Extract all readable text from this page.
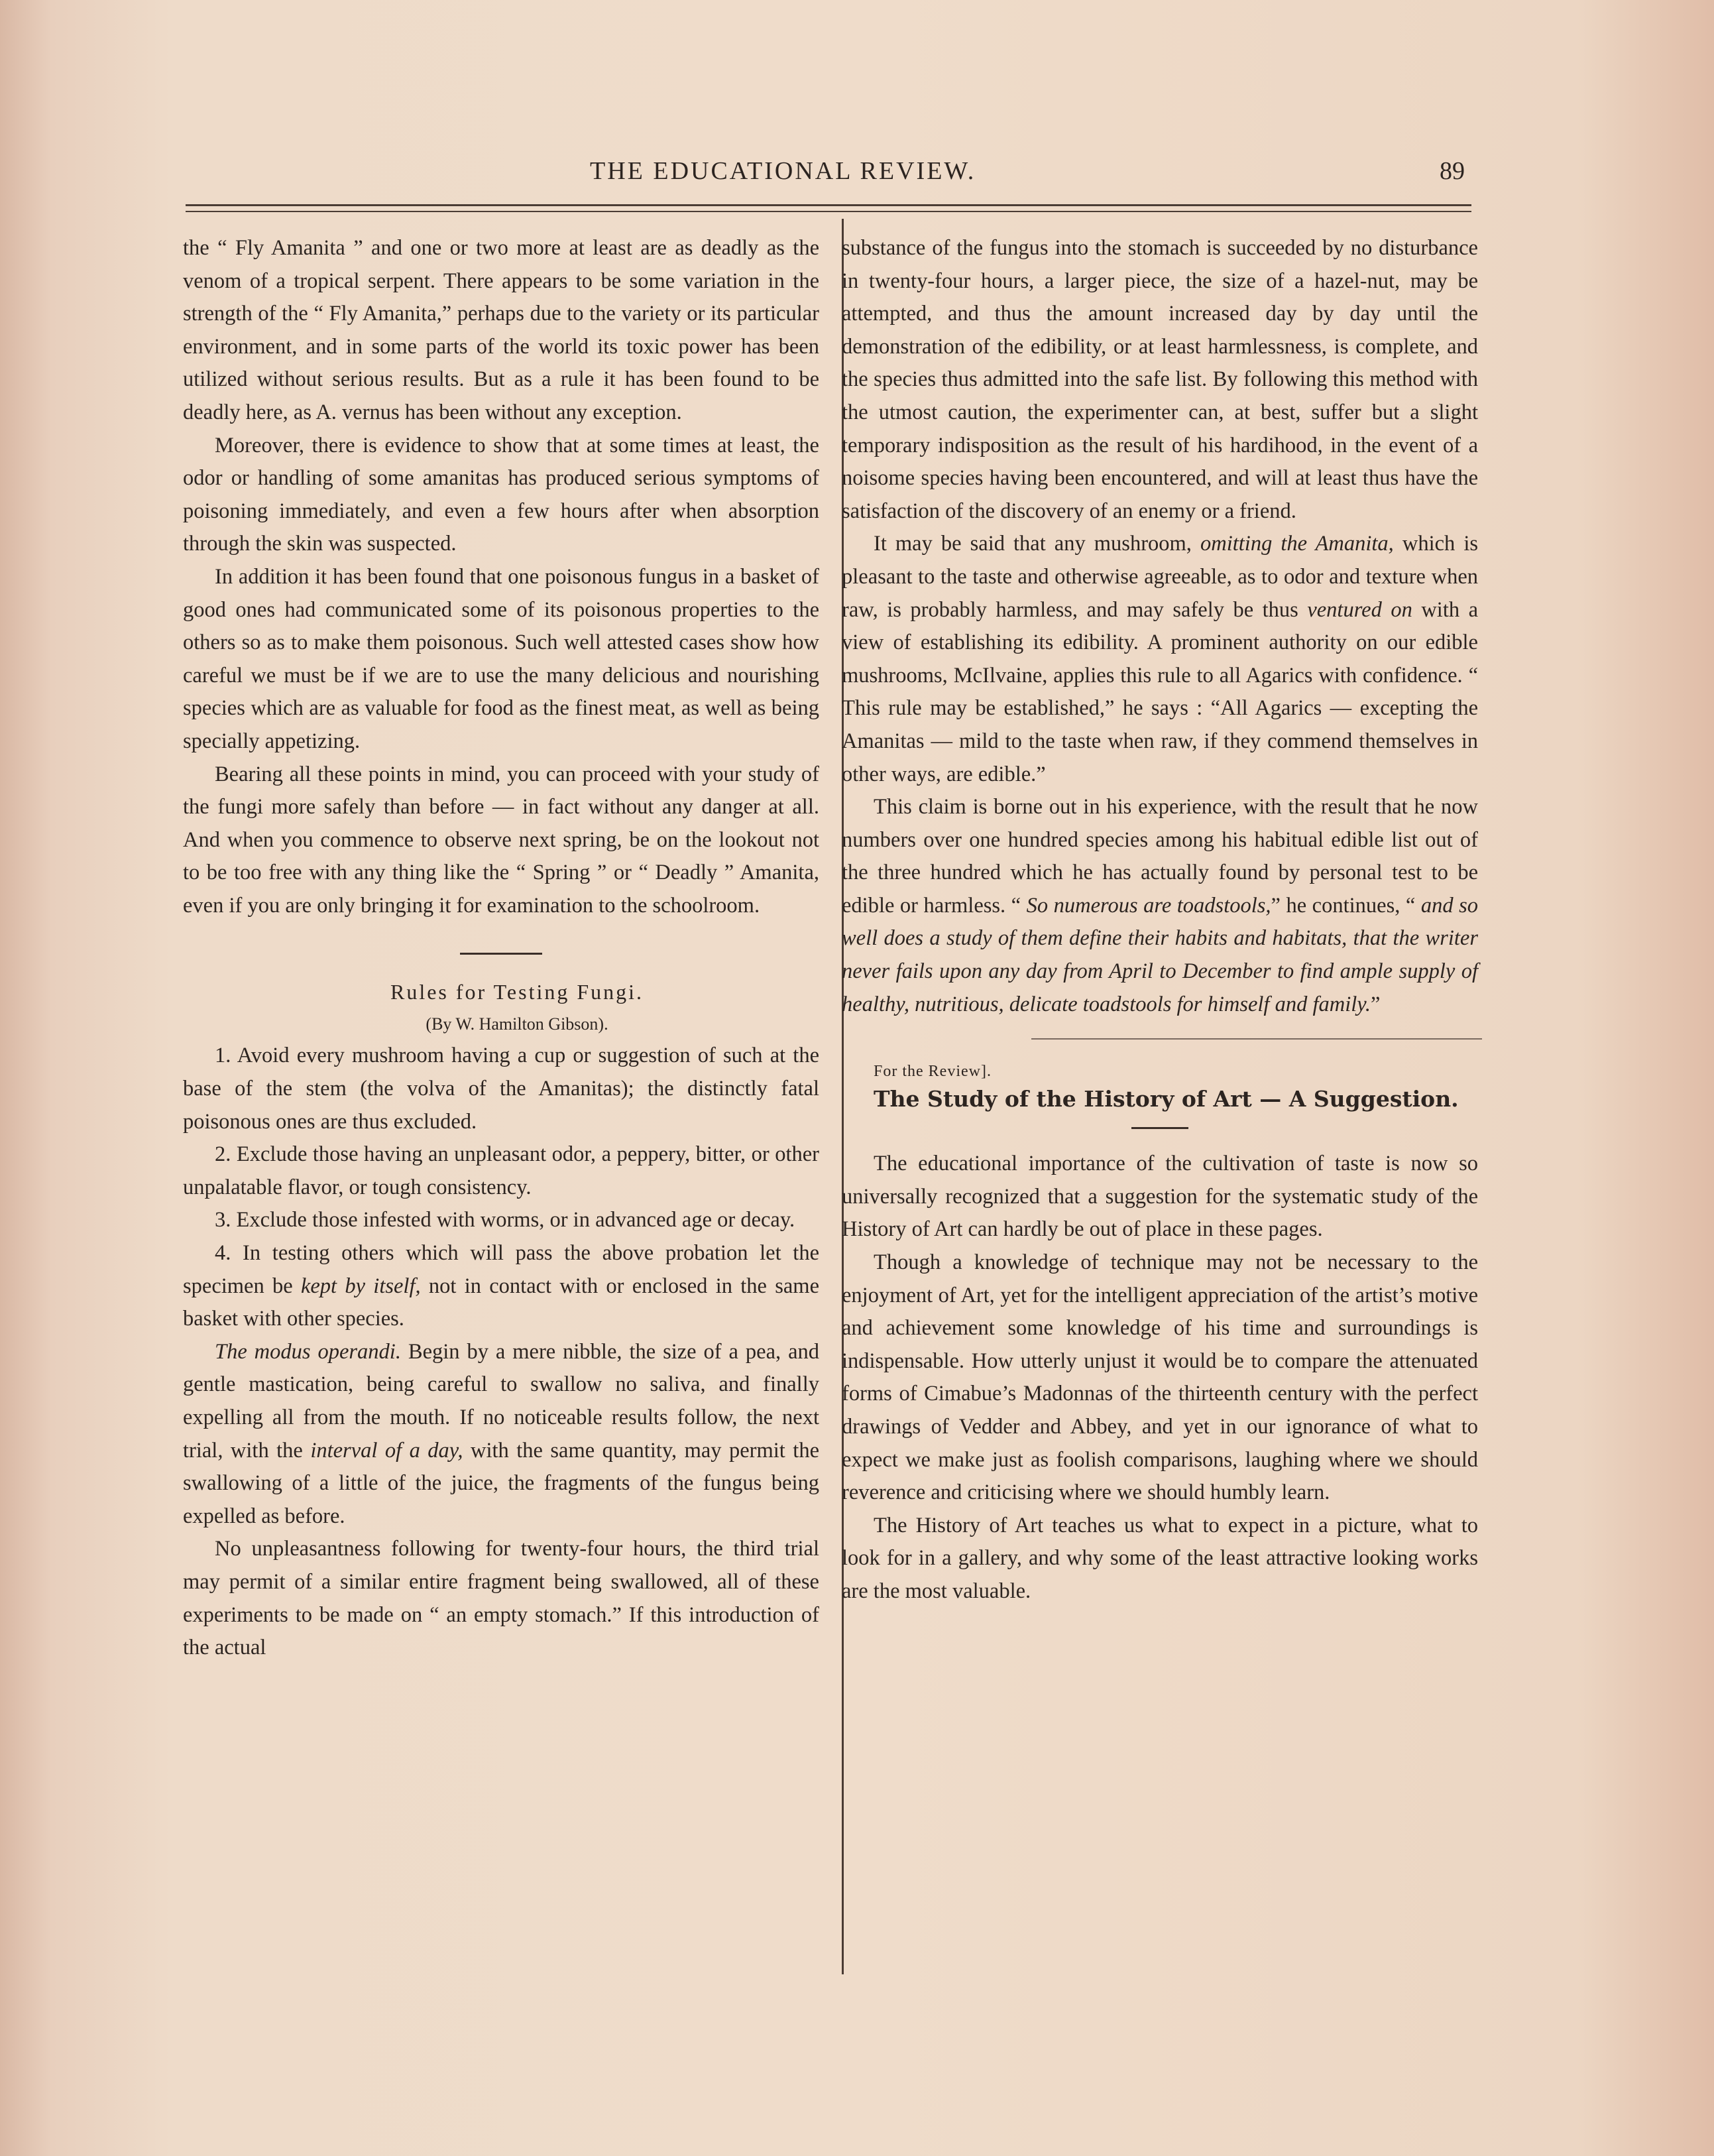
THE EDUCATIONAL REVIEW.	89

the “ Fly Amanita ” and one or two more at least are as deadly as the venom of a tropical serpent. There appears to be some variation in the strength of the “ Fly Amanita,” perhaps due to the variety or its particular environment, and in some parts of the world its toxic power has been utilized without serious results. But as a rule it has been found to be deadly here, as A. vernus has been without any exception.

Moreover, there is evidence to show that at some times at least, the odor or handling of some amanitas has produced serious symptoms of poisoning immediately, and even a few hours after when absorption through the skin was suspected.

In addition it has been found that one poisonous fungus in a basket of good ones had communicated some of its poisonous properties to the others so as to make them poisonous. Such well attested cases show how careful we must be if we are to use the many delicious and nourishing species which are as valuable for food as the finest meat, as well as being specially appetizing.

Bearing all these points in mind, you can proceed with your study of the fungi more safely than before — in fact without any danger at all. And when you commence to observe next spring, be on the lookout not to be too free with any thing like the “ Spring ” or “ Deadly ” Amanita, even if you are only bringing it for examination to the schoolroom.

Rules for Testing Fungi.

(By W. Hamilton Gibson).

1. Avoid every mushroom having a cup or suggestion of such at the base of the stem (the volva of the Amanitas); the distinctly fatal poisonous ones are thus excluded.

2. Exclude those having an unpleasant odor, a peppery, bitter, or other unpalatable flavor, or tough consistency.

3. Exclude those infested with worms, or in advanced age or decay.

4. In testing others which will pass the above probation let the specimen be kept by itself, not in contact with or enclosed in the same basket with other species.

The modus operandi. Begin by a mere nibble, the size of a pea, and gentle mastication, being careful to swallow no saliva, and finally expelling all from the mouth. If no noticeable results follow, the next trial, with the interval of a day, with the same quantity, may permit the swallowing of a little of the juice, the fragments of the fungus being expelled as before.

No unpleasantness following for twenty-four hours, the third trial may permit of a similar entire fragment being swallowed, all of these experiments to be made on “ an empty stomach.” If this introduction of the actual

substance of the fungus into the stomach is succeeded by no disturbance in twenty-four hours, a larger piece, the size of a hazel-nut, may be attempted, and thus the amount increased day by day until the demonstration of the edibility, or at least harmlessness, is complete, and the species thus admitted into the safe list. By following this method with the utmost caution, the experimenter can, at best, suffer but a slight temporary indisposition as the result of his hardihood, in the event of a noisome species having been encountered, and will at least thus have the satisfaction of the discovery of an enemy or a friend.

It may be said that any mushroom, omitting the Amanita, which is pleasant to the taste and otherwise agreeable, as to odor and texture when raw, is probably harmless, and may safely be thus ventured on with a view of establishing its edibility. A prominent authority on our edible mushrooms, McIlvaine, applies this rule to all Agarics with confidence. “ This rule may be established,” he says : “All Agarics — excepting the Amanitas — mild to the taste when raw, if they commend themselves in other ways, are edible.”

This claim is borne out in his experience, with the result that he now numbers over one hundred species among his habitual edible list out of the three hundred which he has actually found by personal test to be edible or harmless. “ So numerous are toadstools,” he continues, “ and so well does a study of them define their habits and habitats, that the writer never fails upon any day from April to December to find ample supply of healthy, nutritious, delicate toadstools for himself and family.”

For the Review].

The Study of the History of Art — A Suggestion.

The educational importance of the cultivation of taste is now so universally recognized that a suggestion for the systematic study of the History of Art can hardly be out of place in these pages.

Though a knowledge of technique may not be necessary to the enjoyment of Art, yet for the intelligent appreciation of the artist’s motive and achievement some knowledge of his time and surroundings is indispensable. How utterly unjust it would be to compare the attenuated forms of Cimabue’s Madonnas of the thirteenth century with the perfect drawings of Vedder and Abbey, and yet in our ignorance of what to expect we make just as foolish comparisons, laughing where we should reverence and criticising where we should humbly learn.

The History of Art teaches us what to expect in a picture, what to look for in a gallery, and why some of the least attractive looking works are the most valuable.
